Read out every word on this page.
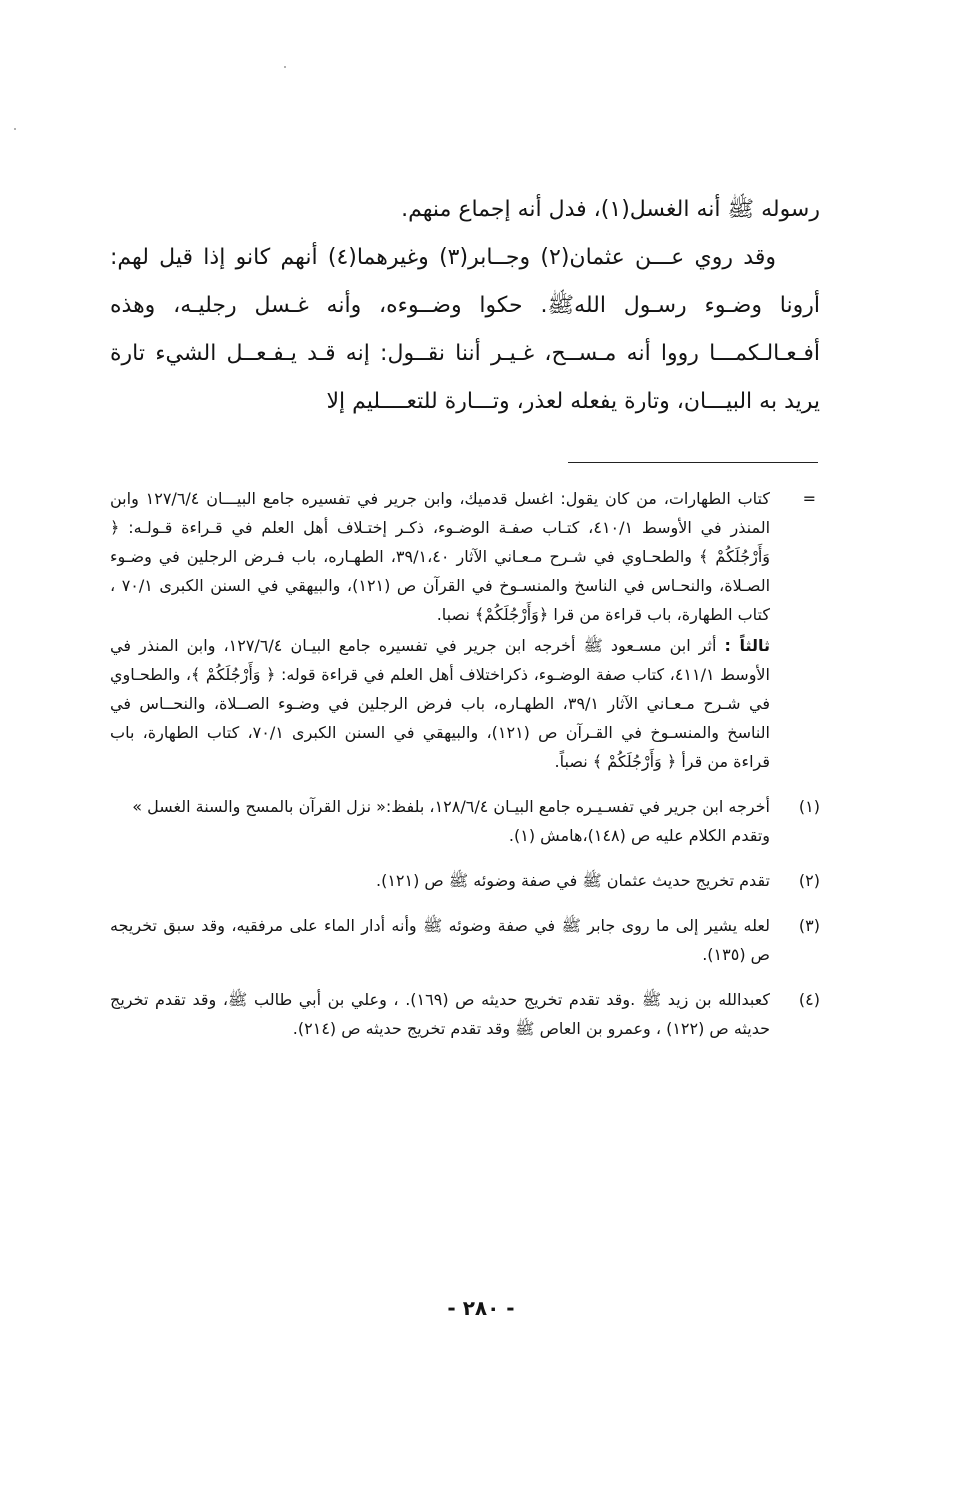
رسوله ﷺ أنه الغسل(١)، فدل أنه إجماع منهم.

وقد روي عـــن عثمان(٢) وجــابر(٣) وغيرهما(٤) أنهم كانو إذا قيل لهم: أرونا وضـوء رسـول اللهﷺ. حكوا وضــوءه، وأنه غـسل رجليـه، وهذه أفـعـالـكمـــا رووا أنه مـســح، غـيـر أننا نقــول: إنه قـد يـفـعــل الشيء تارة يريد به البيـــان، وتارة يفعله لعذر، وتـــارة للتعــــليم إلا

=

كتاب الطهارات، من كان يقول: اغسل قدميك، وابن جرير في تفسيره جامع البيـــان ١٢٧/٦/٤ وابن المنذر في الأوسط ٤١٠/١، كتـاب صفـة الوضـوء، ذكـر إختـلاف أهل العلم في قـراءة قـولـه: ﴿ وَأَرْجُلَكُمْ ﴾ والطحـاوي في شـرح مـعـاني الآثار ٣٩/١،٤٠، الطهـاره، باب فـرض الرجلين في وضـوء الصـلاة، والنحـاس في الناسخ والمنسـوخ في القرآن ص (١٢١)، والبيهقي في السنن الكبرى ٧٠/١ ، كتاب الطهارة، باب قراءة من قرا ﴿وَأَرْجُلَكُمْ﴾ نصبا.

ثالثاً : أثر ابن مسـعود ﷺ أخرجه ابن جرير في تفسيره جامع البيـان ١٢٧/٦/٤، وابن المنذر في الأوسط ٤١١/١، كتاب صفة الوضـوء، ذكراختلاف أهل العلم في قراءة قوله: ﴿ وَأَرْجُلَكُمْ ﴾، والطحـاوي في شـرح مـعـاني الآثار ٣٩/١، الطهـاره، باب فرض الرجلين في وضـوء الصــلاة، والنحــاس في الناسخ والمنسـوخ في القـرآن ص (١٢١)، والبيهقي في السنن الكبرى ٧٠/١، كتاب الطهارة، باب قراءة من قرأ ﴿ وَأَرْجُلَكُمْ ﴾ نصباً.

(١)

أخرجه ابن جرير في تفسـيـره جامع البيـان ١٢٨/٦/٤، بلفظ:« نزل القرآن بالمسح والسنة الغسل »

وتقدم الكلام عليه ص (١٤٨)،هامش (١).

(٢)

تقدم تخريج حديث عثمان ﷺ في صفة وضوئه ﷺ ص (١٢١).

(٣)

لعله يشير إلى ما روى جابر ﷺ في صفة وضوئه ﷺ وأنه أدار الماء على مرفقيه، وقد سبق تخريجه ص (١٣٥).

(٤)

كعبدالله بن زيد ﷺ .وقد تقدم تخريج حديثه ص (١٦٩). ، وعلي بن أبي طالب ﷺ، وقد تقدم تخريج حديثه ص (١٢٢) ، وعمرو بن العاص ﷺ وقد تقدم تخريج حديثه ص (٢١٤).

- ٢٨٠ -
